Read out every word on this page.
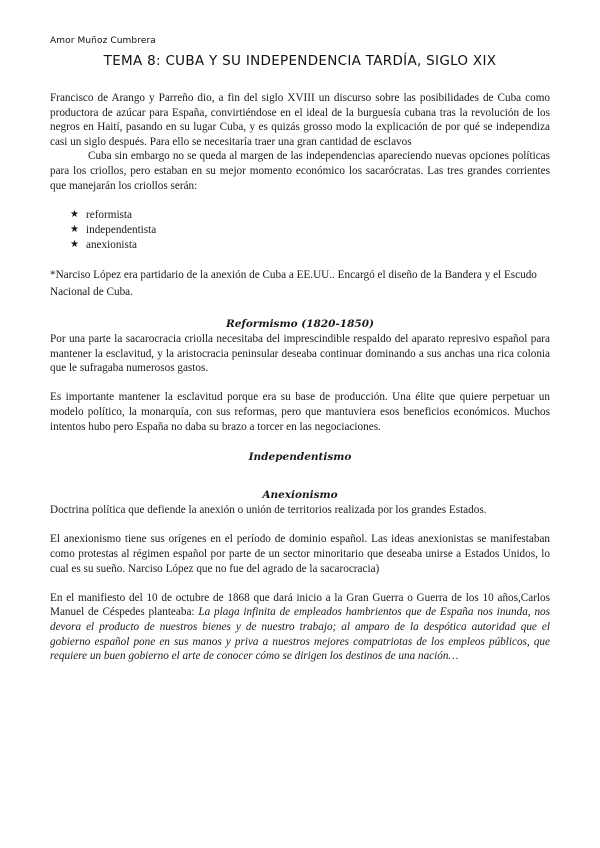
Amor Muñoz Cumbrera
TEMA 8: CUBA Y SU INDEPENDENCIA TARDÍA, SIGLO XIX

Francisco de Arango y Parreño dio, a fin del siglo XVIII un discurso sobre las posibilidades de Cuba como productora de azúcar para España, convirtiéndose en el ideal de la burguesía cubana tras la revolución de los negros en Haití, pasando en su lugar Cuba, y es quizás grosso modo la explicación de por qué se independiza casi un siglo después. Para ello se necesitaría traer una gran cantidad de esclavos

Cuba sin embargo no se queda al margen de las independencias apareciendo nuevas opciones políticas para los criollos, pero estaban en su mejor momento económico los sacarócratas. Las tres grandes corrientes que manejarán los criollos serán:

★ reformista
★ independentista
★ anexionista

*Narciso López era partidario de la anexión de Cuba a EE.UU.. Encargó el diseño de la Bandera y el Escudo Nacional de Cuba.

Reformismo (1820-1850)

Por una parte la sacarocracia criolla necesitaba del imprescindible respaldo del aparato represivo español para mantener la esclavitud, y la aristocracia peninsular deseaba continuar dominando a sus anchas una rica colonia que le sufragaba numerosos gastos.

Es importante mantener la esclavitud porque era su base de producción. Una élite que quiere perpetuar un modelo político, la monarquía, con sus reformas, pero que mantuviera esos beneficios económicos. Muchos intentos hubo pero España no daba su brazo a torcer en las negociaciones.

Independentismo
Anexionismo

Doctrina política que defiende la anexión o unión de territorios realizada por los grandes Estados.

El anexionismo tiene sus orígenes en el período de dominio español. Las ideas anexionistas se manifestaban como protestas al régimen español por parte de un sector minoritario que deseaba unirse a Estados Unidos, lo cual es su sueño. Narciso López que no fue del agrado de la sacarocracia)

En el manifiesto del 10 de octubre de 1868 que dará inicio a la Gran Guerra o Guerra de los 10 años,Carlos Manuel de Céspedes planteaba: La plaga infinita de empleados hambrientos que de España nos inunda, nos devora el producto de nuestros bienes y de nuestro trabajo; al amparo de la despótica autoridad que el gobierno español pone en sus manos y priva a nuestros mejores compatriotas de los empleos públicos, que requiere un buen gobierno el arte de conocer cómo se dirigen los destinos de una nación…
